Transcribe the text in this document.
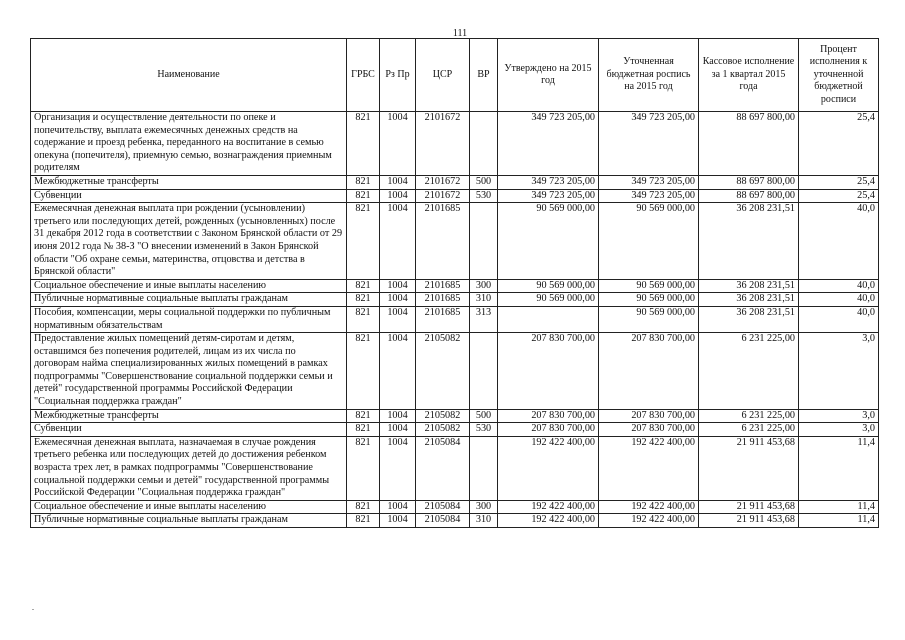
111
Наименование	ГРБС	Рз Пр	ЦСР	ВР	Утверждено на 2015 год	Уточненная бюджетная роспись на 2015 год	Кассовое исполнение за 1 квартал 2015 года	Процент исполнения к уточненной бюджетной росписи
Организация и осуществление деятельности по опеке и попечительству, выплата ежемесячных денежных средств на содержание и проезд ребенка, переданного на воспитание в семью опекуна (попечителя), приемную семью, вознаграждения приемным родителям	821	1004	2101672		349 723 205,00	349 723 205,00	88 697 800,00	25,4
Межбюджетные трансферты	821	1004	2101672	500	349 723 205,00	349 723 205,00	88 697 800,00	25,4
Субвенции	821	1004	2101672	530	349 723 205,00	349 723 205,00	88 697 800,00	25,4
Ежемесячная денежная выплата при рождении (усыновлении) третьего или последующих детей, рожденных (усыновленных) после 31 декабря 2012 года в соответствии с Законом Брянской области от 29 июня 2012 года № 38-З "О внесении изменений в Закон Брянской области "Об охране семьи, материнства, отцовства и детства в Брянской области"	821	1004	2101685		90 569 000,00	90 569 000,00	36 208 231,51	40,0
Социальное обеспечение и иные выплаты населению	821	1004	2101685	300	90 569 000,00	90 569 000,00	36 208 231,51	40,0
Публичные нормативные социальные выплаты гражданам	821	1004	2101685	310	90 569 000,00	90 569 000,00	36 208 231,51	40,0
Пособия, компенсации, меры социальной поддержки по публичным нормативным обязательствам	821	1004	2101685	313		90 569 000,00	36 208 231,51	40,0
Предоставление жилых помещений детям-сиротам и детям, оставшимся без попечения родителей, лицам из их числа по договорам найма специализированных жилых помещений в рамках подпрограммы "Совершенствование социальной поддержки семьи и детей" государственной программы Российской Федерации "Социальная поддержка граждан"	821	1004	2105082		207 830 700,00	207 830 700,00	6 231 225,00	3,0
Межбюджетные трансферты	821	1004	2105082	500	207 830 700,00	207 830 700,00	6 231 225,00	3,0
Субвенции	821	1004	2105082	530	207 830 700,00	207 830 700,00	6 231 225,00	3,0
Ежемесячная денежная выплата, назначаемая в случае рождения третьего ребенка или последующих детей до достижения ребенком возраста трех лет, в рамках подпрограммы "Совершенствование социальной поддержки семьи и детей" государственной программы Российской Федерации "Социальная поддержка граждан"	821	1004	2105084		192 422 400,00	192 422 400,00	21 911 453,68	11,4
Социальное обеспечение и иные выплаты населению	821	1004	2105084	300	192 422 400,00	192 422 400,00	21 911 453,68	11,4
Публичные нормативные социальные выплаты гражданам	821	1004	2105084	310	192 422 400,00	192 422 400,00	21 911 453,68	11,4
.
